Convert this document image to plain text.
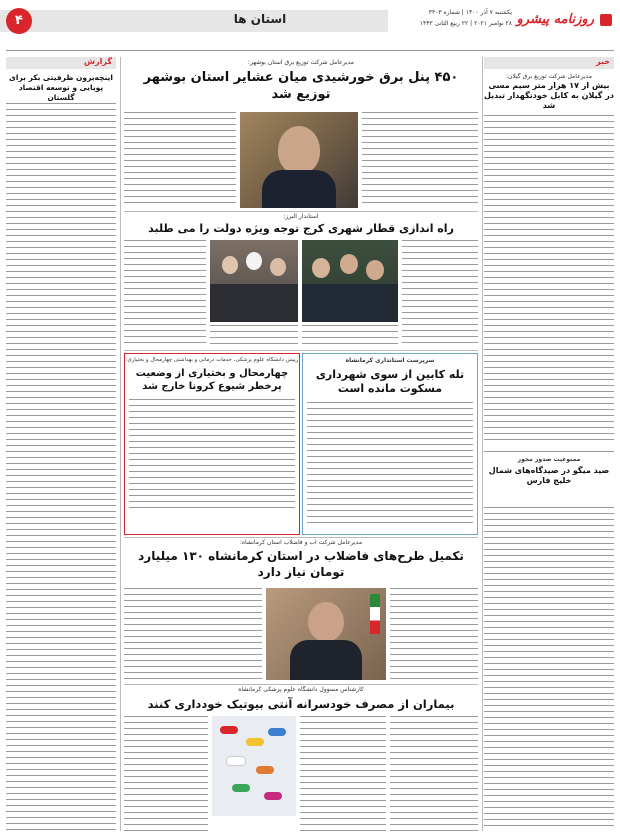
روزنامه پیشرو
یکشنبه ۷ آذر ۱۴۰۰ | شماره ۳۳۰۳
۲۸ نوامبر ۲۰۲۱ | ۲۲ ربیع الثانی ۱۴۴۳
استان ها
۴
خبر
مدیرعامل شرکت توزیع برق گیلان:
بیش از ۱۷ هزار متر سیم مسی در گیلان به کابل خودنگهدار تبدیل شد
ممنوعیت صدور مجوز
صید میگو در صیدگاه‌های شمال خلیج فارس
گزارش
اینچه‌برون ظرفیتی بکر برای پویایی و توسعه اقتصاد گلستان
مدیرعامل شرکت توزیع برق استان بوشهر:
۴۵۰ پنل برق خورشیدی میان عشایر استان بوشهر توزیع شد
استاندار البرز:
راه اندازی قطار شهری کرج توجه ویژه دولت را می طلبد
سرپرست استانداری کرمانشاه
تله کابین از سوی شهرداری مسکوت مانده است
رییس دانشگاه علوم پزشکی، خدمات درمانی و بهداشتی چهارمحال و بختیاری:
چهارمحال و بختیاری از وضعیت پرخطر شیوع کرونا خارج شد
مدیرعامل شرکت آب و فاضلاب استان کرمانشاه:
تکمیل طرح‌های فاضلاب در استان کرمانشاه ۱۳۰ میلیارد تومان نیاز دارد
کارشناس مسوول دانشگاه علوم پزشکی کرمانشاه
بیماران از مصرف خودسرانه آنتی بیوتیک خودداری کنند
